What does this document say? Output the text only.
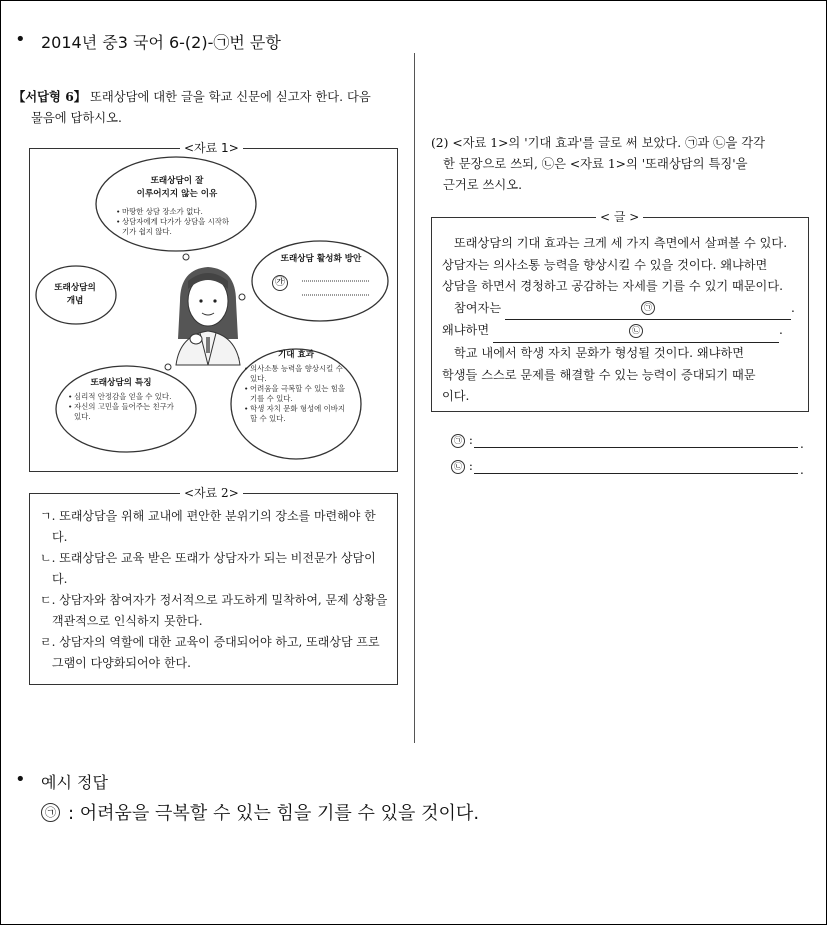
• 2014년 중3 국어 6-(2)-㉠번 문항
【서답형 6】 또래상담에 대한 글을 학교 신문에 싣고자 한다. 다음
물음에 답하시오.
<자료 1>
또래상담이 잘
이루어지지 않는 이유
• 마땅한 상담 장소가 없다.
• 상담자에게 다가가 상담을 시작하기가 쉽지 않다.
또래상담의
개념
또래상담 활성화 방안
㉮
또래상담의 특징
• 심리적 안정감을 얻을 수 있다.
• 자신의 고민을 들어주는 친구가 있다.
기대 효과
• 의사소통 능력을 향상시킬 수 있다.
• 어려움을 극복할 수 있는 힘을 기를 수 있다.
• 학생 자치 문화 형성에 이바지할 수 있다.
<자료 2>

ㄱ. 또래상담을 위해 교내에 편안한 분위기의 장소를 마련해야 한다.

ㄴ. 또래상담은 교육 받은 또래가 상담자가 되는 비전문가 상담이다.

ㄷ. 상담자와 참여자가 정서적으로 과도하게 밀착하여, 문제 상황을 객관적으로 인식하지 못한다.

ㄹ. 상담자의 역할에 대한 교육이 증대되어야 하고, 또래상담 프로그램이 다양화되어야 한다.

(2) <자료 1>의 '기대 효과'를 글로 써 보았다. ㉠과 ㉡을 각각
한 문장으로 쓰되, ㉡은 <자료 1>의 '또래상담의 특징'을
근거로 쓰시오.
< 글 >
또래상담의 기대 효과는 크게 세 가지 측면에서 살펴볼 수 있다.
상담자는 의사소통 능력을 향상시킬 수 있을 것이다. 왜냐하면
상담을 하면서 경청하고 공감하는 자세를 기를 수 있기 때문이다.
참여자는	㉠	.
왜냐하면	㉡	.
학교 내에서 학생 자치 문화가 형성될 것이다. 왜냐하면
학생들 스스로 문제를 해결할 수 있는 능력이 증대되기 때문
이다.
㉠ :	.
㉡ :	.
• 예시 정답
㉠ : 어려움을 극복할 수 있는 힘을 기를 수 있을 것이다.
